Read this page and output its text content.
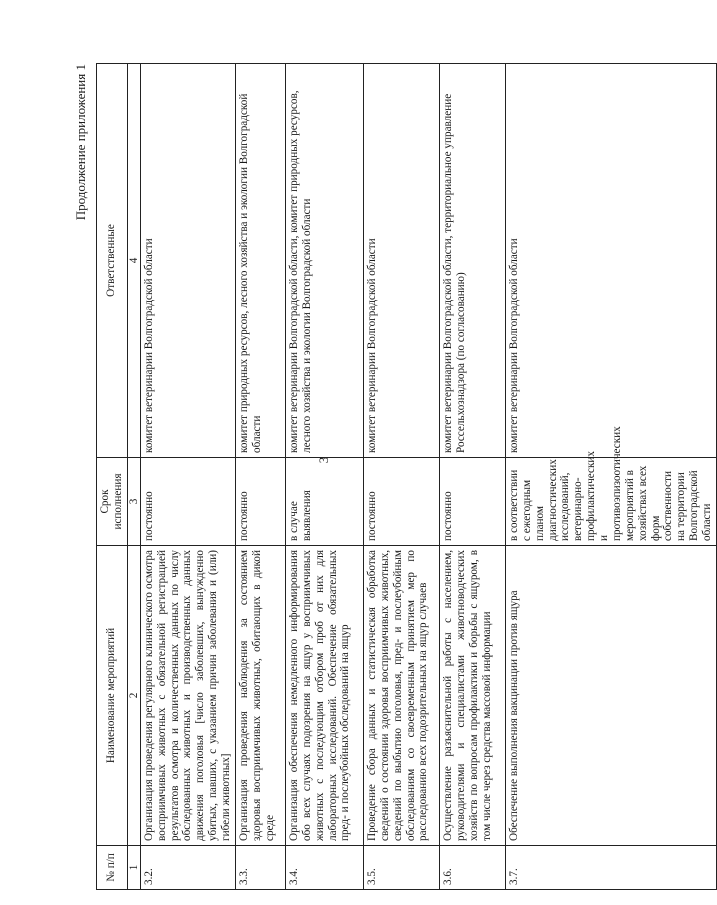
3
Продолжение приложения 1
№ п/п	Наименование мероприятий	Срок исполнения	Ответственные
1	2	3	4
3.2.	Организация проведения регулярного клинического осмотра восприимчивых животных с обязательной регистрацией результатов осмотра и количественных данных по числу обследованных животных и производственных данных движения поголовья [число заболевших, вынужденно убитых, павших, с указанием причин заболевания и (или) гибели животных]	постоянно	комитет ветеринарии Волгоградской области
3.3.	Организация проведения наблюдения за состоянием здоровья восприимчивых животных, обитающих в дикой среде	постоянно	комитет природных ресурсов, лесного хозяйства и экологии Волгоградской области
3.4.	Организация обеспечения немедленного информирования обо всех случаях подозрения на ящур у восприимчивых животных с последующим отбором проб от них для лабораторных исследований. Обеспечение обязательных пред- и послеубойных обследований на ящур	в случае выявления	комитет ветеринарии Волгоградской области, комитет природных ресурсов, лесного хозяйства и экологии Волгоградской области
3.5.	Проведение сбора данных и статистическая обработка сведений о состоянии здоровья восприимчивых животных, сведений по выбытию поголовья, пред- и послеубойным обследованиям со своевременным принятием мер по расследованию всех подозрительных на ящур случаев	постоянно	комитет ветеринарии Волгоградской области
3.6.	Осуществление разъяснительной работы с населением, руководителями и специалистами животноводческих хозяйств по вопросам профилактики и борьбы с ящуром, в том числе через средства массовой информации	постоянно	комитет ветеринарии Волгоградской области, территориальное управление Россельхознадзора (по согласованию)
3.7.	Обеспечение выполнения вакцинации против ящура	в соответствии с ежегодным планом диагностических исследований, ветеринарно-профилактических и противоэпизоотических мероприятий в хозяйствах всех форм собственности на территории Волгоградской области	комитет ветеринарии Волгоградской области
